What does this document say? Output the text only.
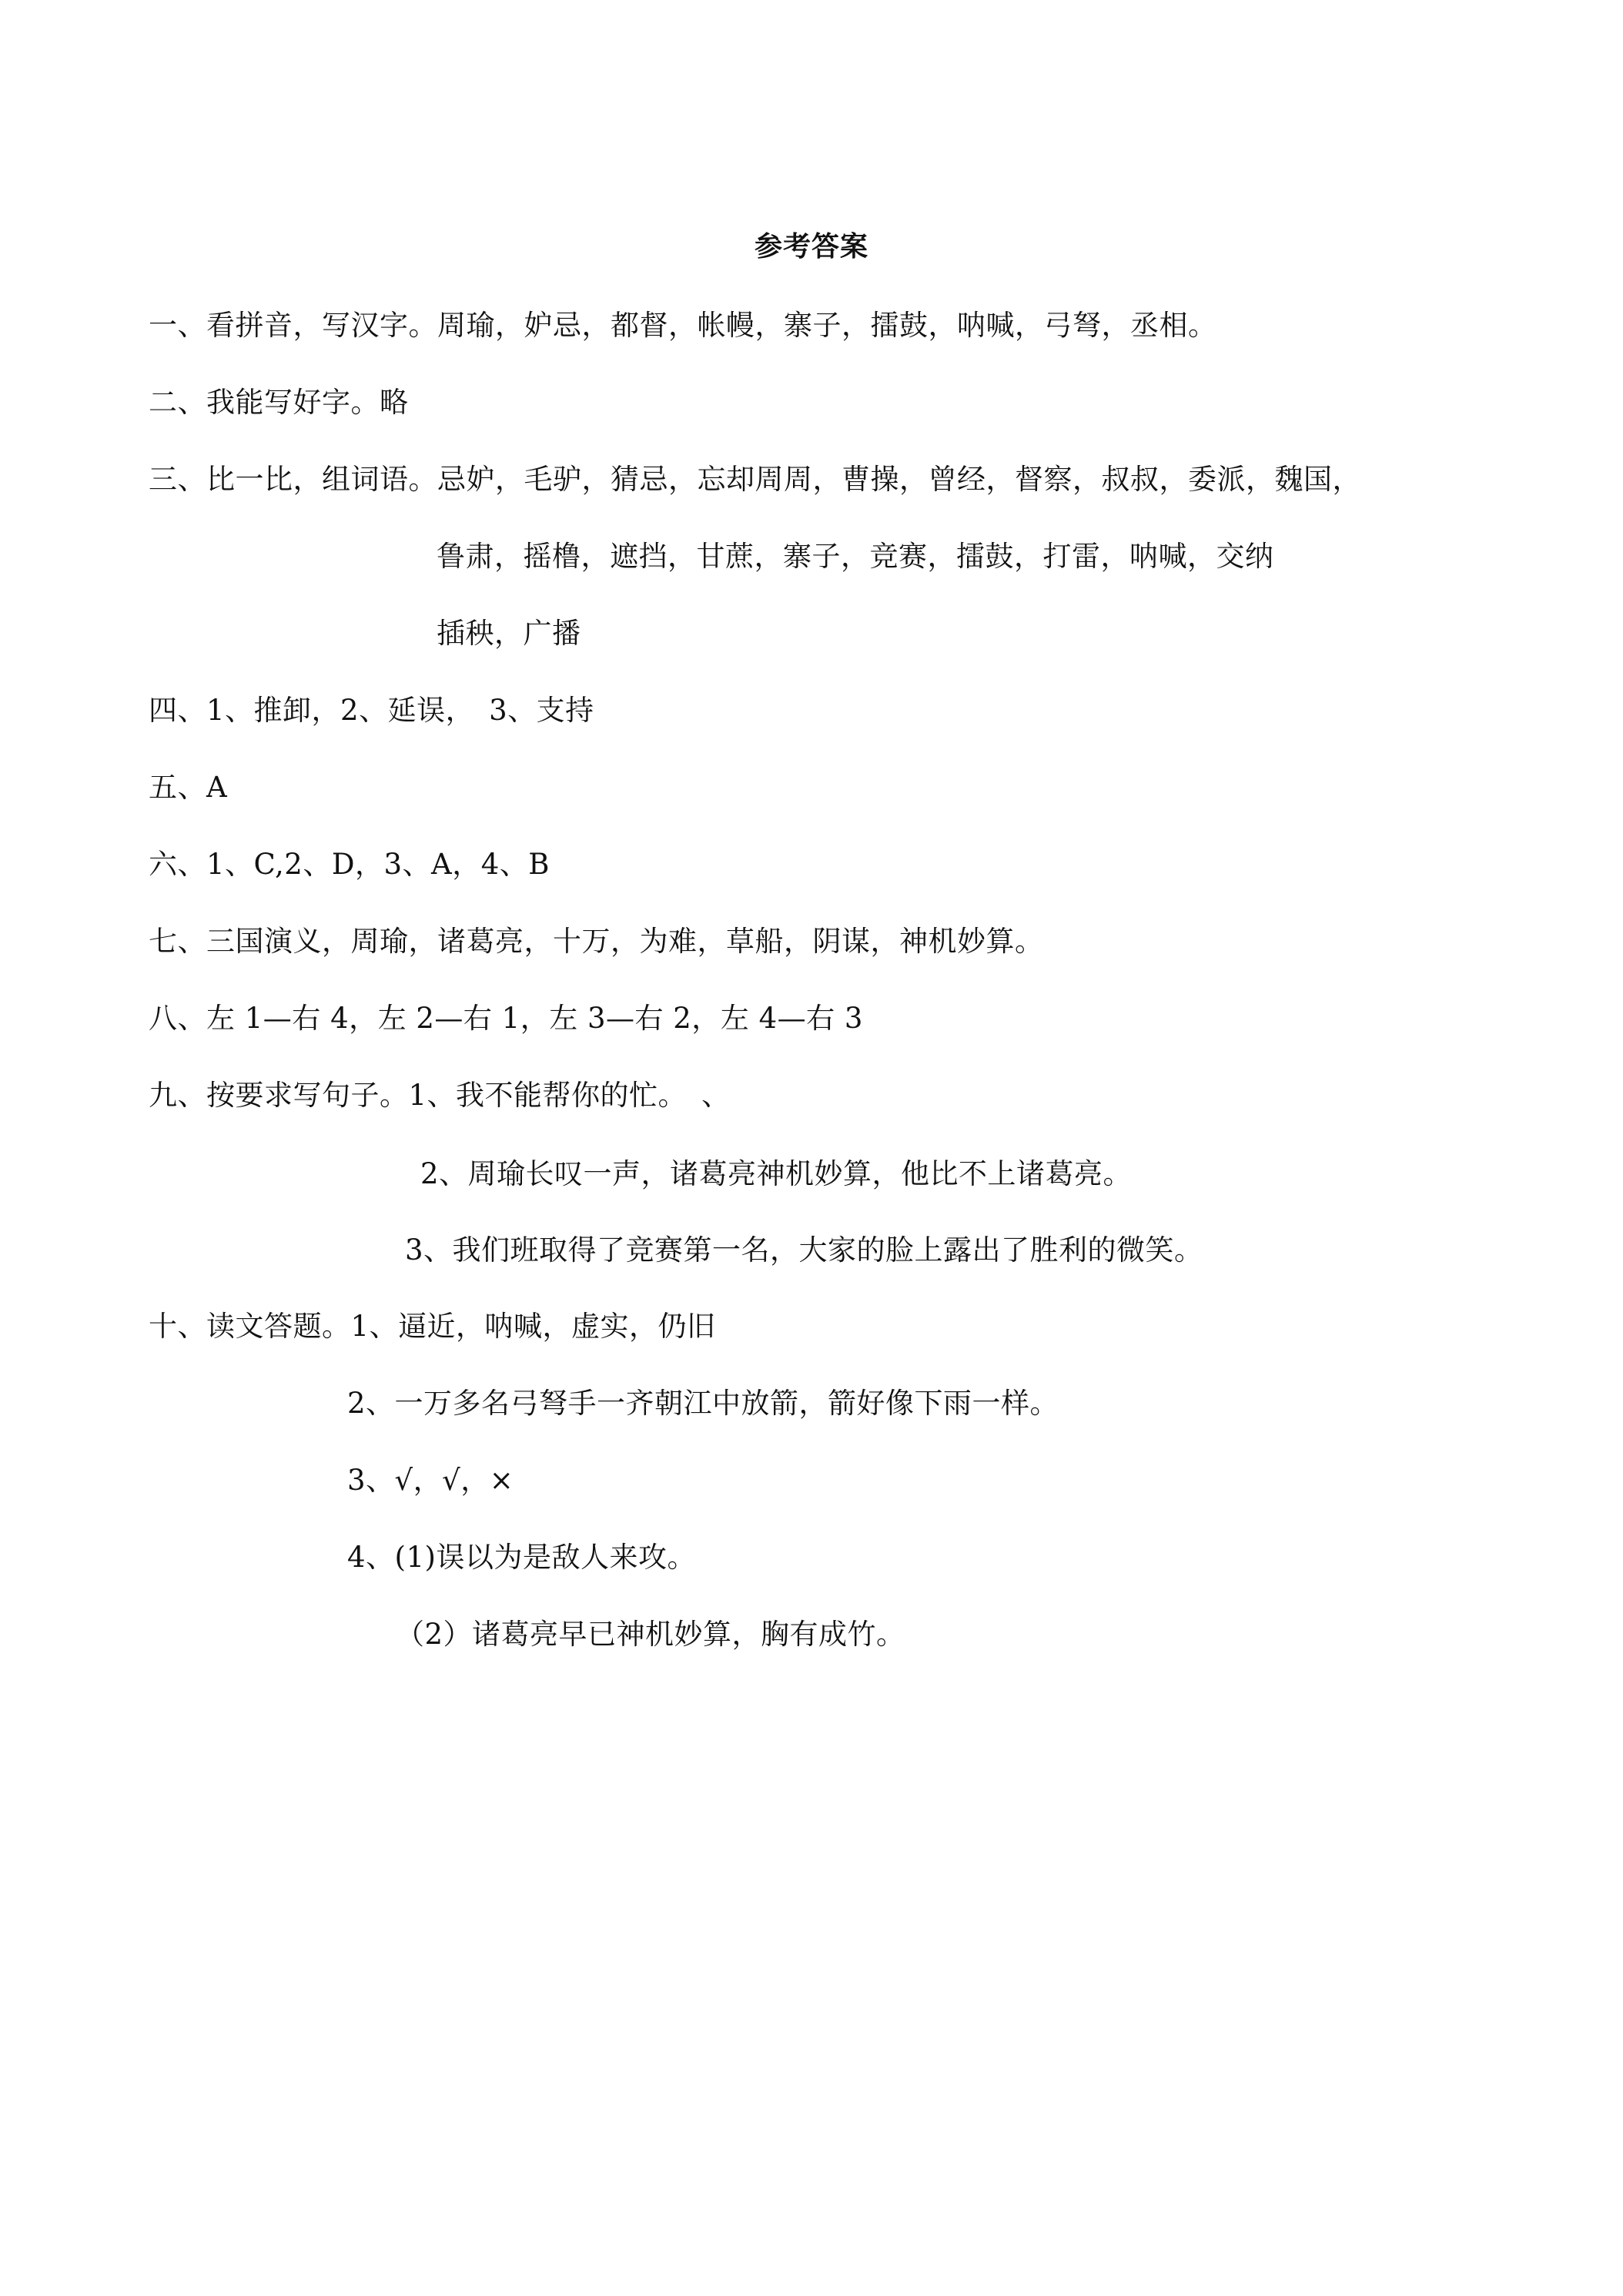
参考答案
一、看拼音，写汉字。周瑜，妒忌，都督，帐幔，寨子，擂鼓，呐喊，弓弩，丞相。
二、我能写好字。略
三、比一比，组词语。忌妒，毛驴，猜忌，忘却周周，曹操，曾经，督察，叔叔，委派，魏国，
鲁肃，摇橹，遮挡，甘蔗，寨子，竞赛，擂鼓，打雷，呐喊，交纳
插秧，广播
四、1、推卸，2、延误，　3、支持
五、A
六、1、C,2、D，3、A，4、B
七、三国演义，周瑜，诸葛亮，十万，为难，草船，阴谋，神机妙算。
八、左 1—右 4，左 2—右 1，左 3—右 2，左 4—右 3
九、按要求写句子。1、我不能帮你的忙。　、
2、周瑜长叹一声，诸葛亮神机妙算，他比不上诸葛亮。
3、我们班取得了竞赛第一名，大家的脸上露出了胜利的微笑。
十、读文答题。1、逼近，呐喊，虚实，仍旧
2、一万多名弓弩手一齐朝江中放箭，箭好像下雨一样。
3、√，√，×
4、(1)误以为是敌人来攻。
（2）诸葛亮早已神机妙算，胸有成竹。
